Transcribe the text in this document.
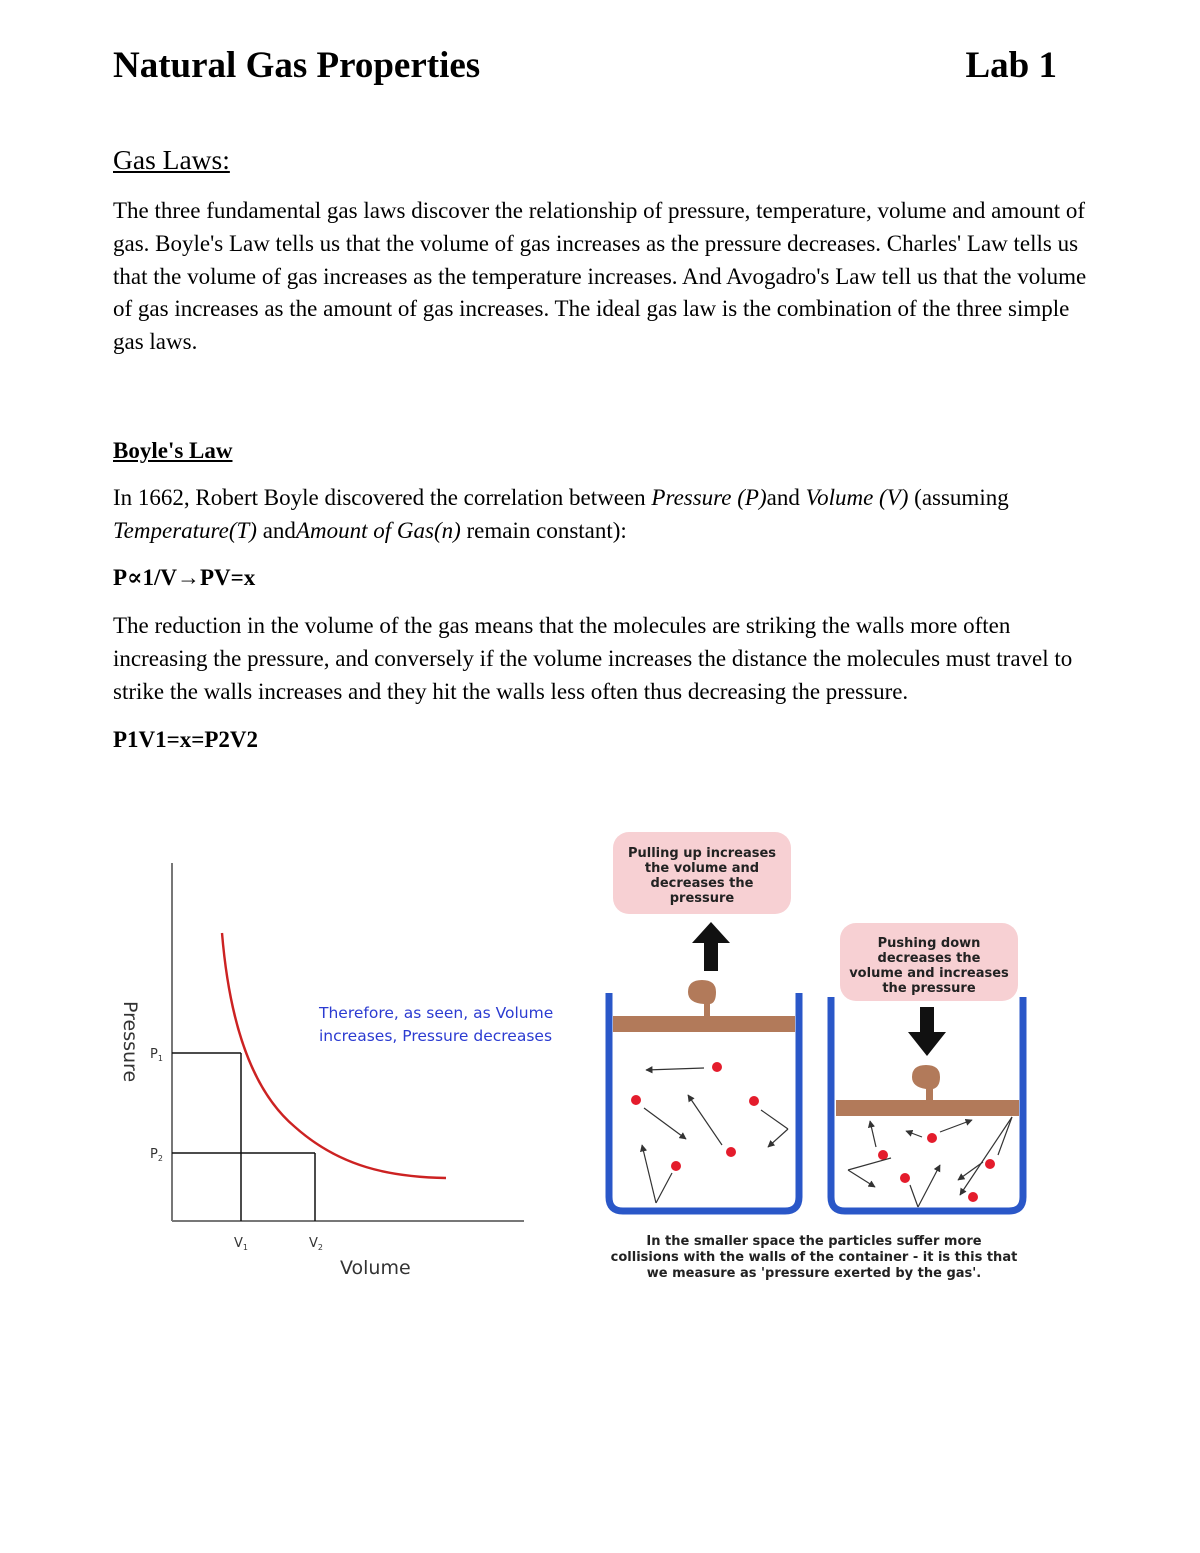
Natural Gas Properties	Lab 1
Gas Laws:

The three fundamental gas laws discover the relationship of pressure, temperature, volume and amount of gas. Boyle's Law tells us that the volume of gas increases as the pressure decreases. Charles' Law tells us that the volume of gas increases as the temperature increases. And Avogadro's Law tell us that the volume of gas increases as the amount of gas increases. The ideal gas law is the combination of the three simple gas laws.

Boyle's Law

In 1662, Robert Boyle discovered the correlation between Pressure (P)and Volume (V) (assuming Temperature(T) andAmount of Gas(n) remain constant):

P∝1/V→PV=x

The reduction in the volume of the gas means that the molecules are striking the walls more often increasing the pressure, and conversely if the volume increases the distance the molecules must travel to strike the walls increases and they hit the walls less often thus decreasing the pressure.

P1V1=x=P2V2

Pressure $P_1$
$P_2$
$V_1$	$V_2$
Volume
Therefore, as seen, as Volume
increases, Pressure decreases
Pulling up increases
the volume and
decreases the
pressure
Pushing down
decreases the
volume and increases
the pressure
In the smaller space the particles suffer more
collisions with the walls of the container - it is this that
we measure as 'pressure exerted by the gas'.
